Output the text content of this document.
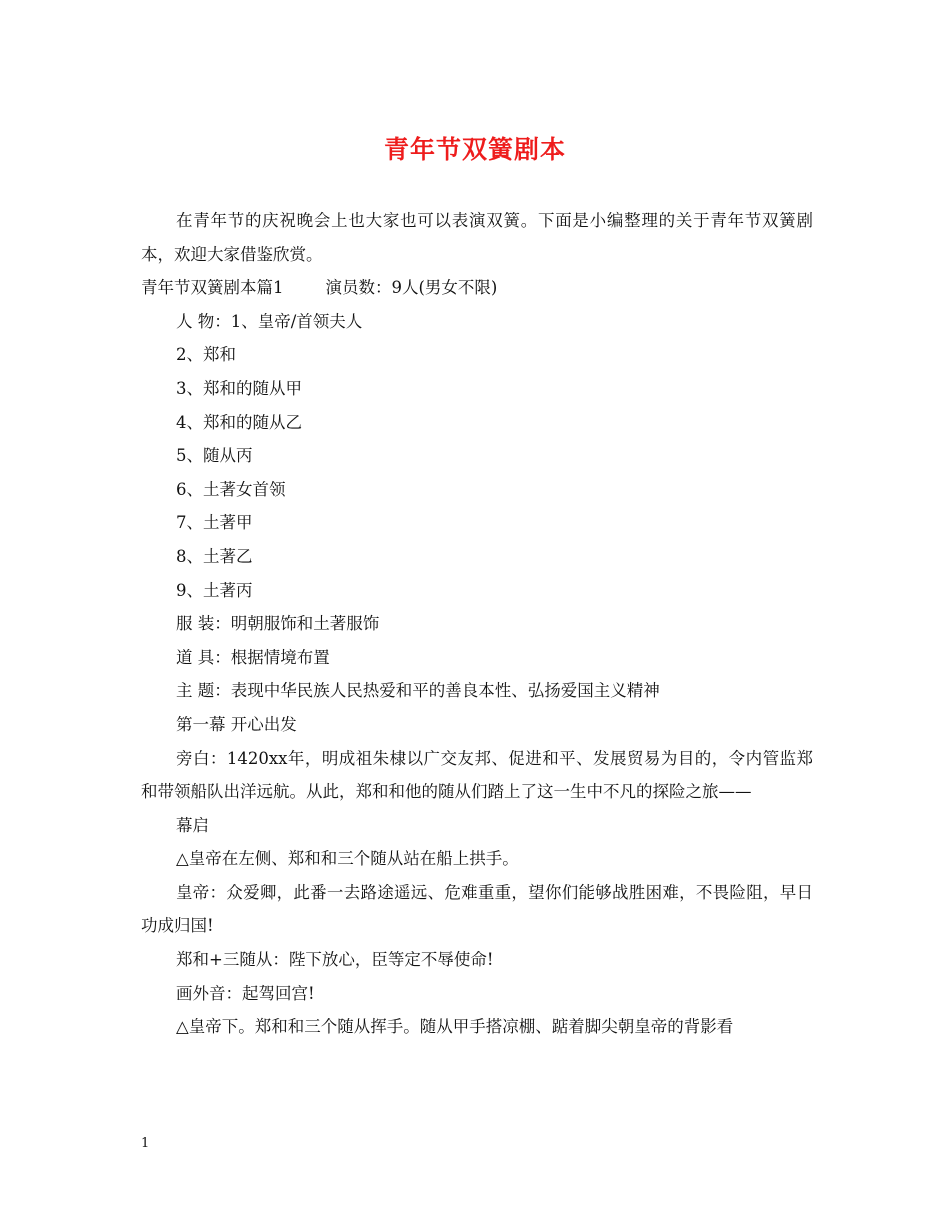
青年节双簧剧本

在青年节的庆祝晚会上也大家也可以表演双簧。下面是小编整理的关于青年节双簧剧本，欢迎大家借鉴欣赏。

青年节双簧剧本篇1	演员数：9人(男女不限)

人 物：1、皇帝/首领夫人

2、郑和

3、郑和的随从甲

4、郑和的随从乙

5、随从丙

6、土著女首领

7、土著甲

8、土著乙

9、土著丙

服 装：明朝服饰和土著服饰

道 具：根据情境布置

主 题：表现中华民族人民热爱和平的善良本性、弘扬爱国主义精神

第一幕 开心出发

旁白：1420xx年，明成祖朱棣以广交友邦、促进和平、发展贸易为目的，令内管监郑和带领船队出洋远航。从此，郑和和他的随从们踏上了这一生中不凡的探险之旅——

幕启

△皇帝在左侧、郑和和三个随从站在船上拱手。

皇帝：众爱卿，此番一去路途遥远、危难重重，望你们能够战胜困难，不畏险阻，早日功成归国!

郑和+三随从：陛下放心，臣等定不辱使命!

画外音：起驾回宫!

△皇帝下。郑和和三个随从挥手。随从甲手搭凉棚、踮着脚尖朝皇帝的背影看

1
